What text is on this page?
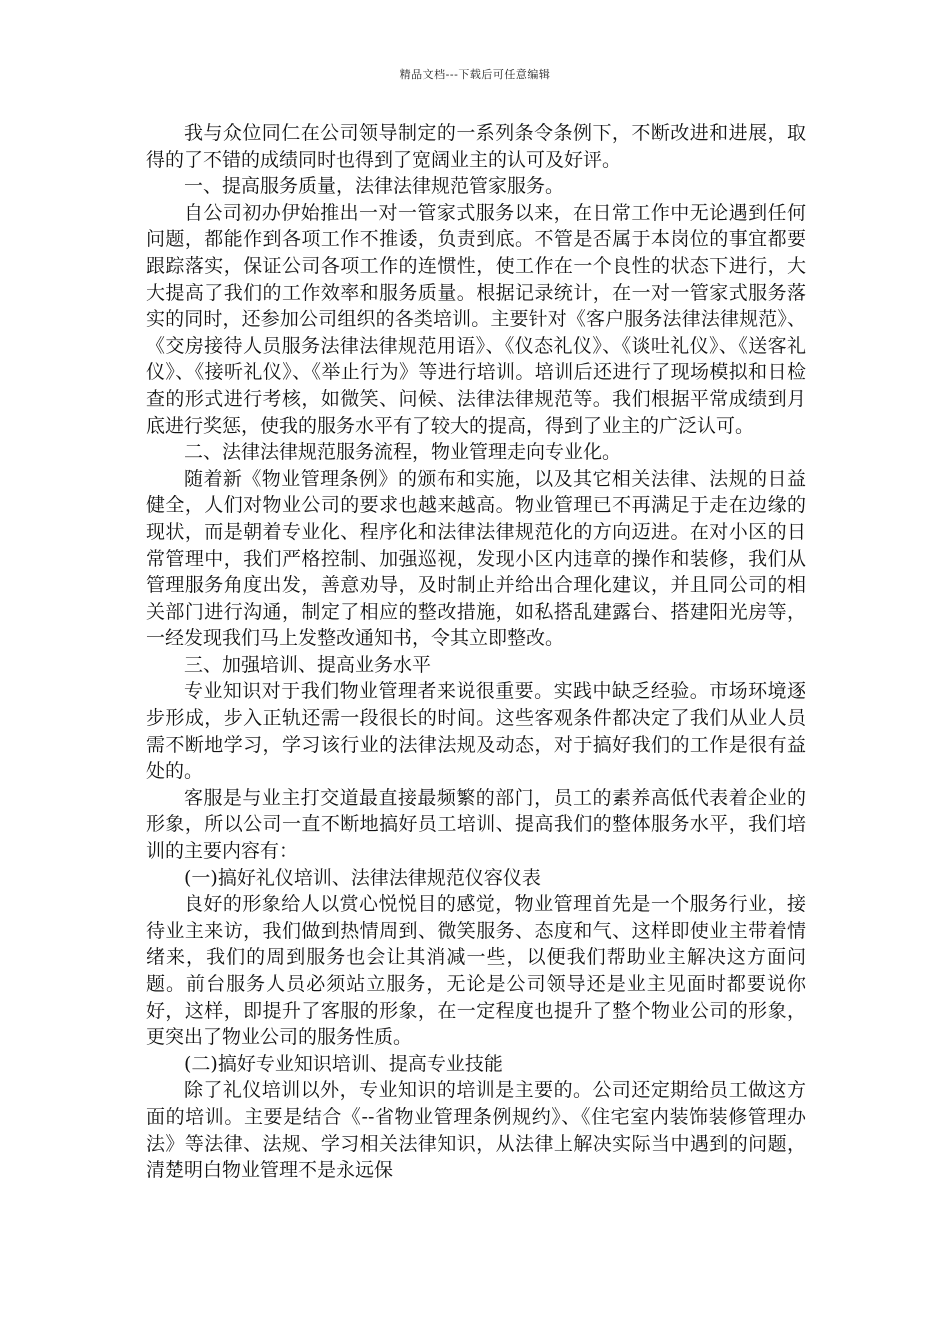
精品文档---下载后可任意编辑

我与众位同仁在公司领导制定的一系列条令条例下，不断改进和进展，取得的了不错的成绩同时也得到了宽阔业主的认可及好评。

一、提高服务质量，法律法律规范管家服务。

自公司初办伊始推出一对一管家式服务以来，在日常工作中无论遇到任何问题，都能作到各项工作不推诿，负责到底。不管是否属于本岗位的事宜都要跟踪落实，保证公司各项工作的连惯性，使工作在一个良性的状态下进行，大大提高了我们的工作效率和服务质量。根据记录统计，在一对一管家式服务落实的同时，还参加公司组织的各类培训。主要针对《客户服务法律法律规范》、《交房接待人员服务法律法律规范用语》、《仪态礼仪》、《谈吐礼仪》、《送客礼仪》、《接听礼仪》、《举止行为》等进行培训。培训后还进行了现场模拟和日检查的形式进行考核，如微笑、问候、法律法律规范等。我们根据平常成绩到月底进行奖惩，使我的服务水平有了较大的提高，得到了业主的广泛认可。

二、法律法律规范服务流程，物业管理走向专业化。

随着新《物业管理条例》的颁布和实施，以及其它相关法律、法规的日益健全，人们对物业公司的要求也越来越高。物业管理已不再满足于走在边缘的现状，而是朝着专业化、程序化和法律法律规范化的方向迈进。在对小区的日常管理中，我们严格控制、加强巡视，发现小区内违章的操作和装修，我们从管理服务角度出发，善意劝导，及时制止并给出合理化建议，并且同公司的相关部门进行沟通，制定了相应的整改措施，如私搭乱建露台、搭建阳光房等，一经发现我们马上发整改通知书，令其立即整改。

三、加强培训、提高业务水平

专业知识对于我们物业管理者来说很重要。实践中缺乏经验。市场环境逐步形成，步入正轨还需一段很长的时间。这些客观条件都决定了我们从业人员需不断地学习，学习该行业的法律法规及动态，对于搞好我们的工作是很有益处的。

客服是与业主打交道最直接最频繁的部门，员工的素养高低代表着企业的形象，所以公司一直不断地搞好员工培训、提高我们的整体服务水平，我们培训的主要内容有：

(一)搞好礼仪培训、法律法律规范仪容仪表

良好的形象给人以赏心悦悦目的感觉，物业管理首先是一个服务行业，接待业主来访，我们做到热情周到、微笑服务、态度和气、这样即使业主带着情绪来，我们的周到服务也会让其消减一些，以便我们帮助业主解决这方面问题。前台服务人员必须站立服务，无论是公司领导还是业主见面时都要说你好，这样，即提升了客服的形象，在一定程度也提升了整个物业公司的形象，更突出了物业公司的服务性质。

(二)搞好专业知识培训、提高专业技能

除了礼仪培训以外，专业知识的培训是主要的。公司还定期给员工做这方面的培训。主要是结合《--省物业管理条例规约》、《住宅室内装饰装修管理办法》等法律、法规、学习相关法律知识，从法律上解决实际当中遇到的问题，清楚明白物业管理不是永远保
